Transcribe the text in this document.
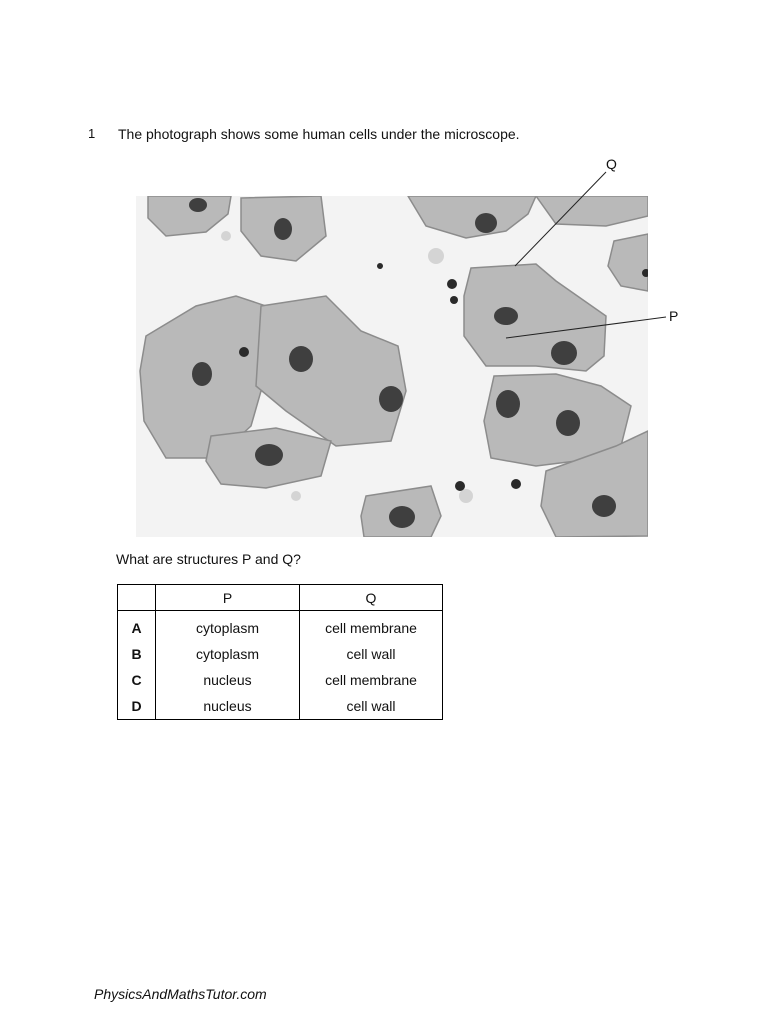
1 The photograph shows some human cells under the microscope.
Q
P
What are structures P and Q?
	P	Q
A	cytoplasm	cell membrane
B	cytoplasm	cell wall
C	nucleus	cell membrane
D	nucleus	cell wall
PhysicsAndMathsTutor.com
